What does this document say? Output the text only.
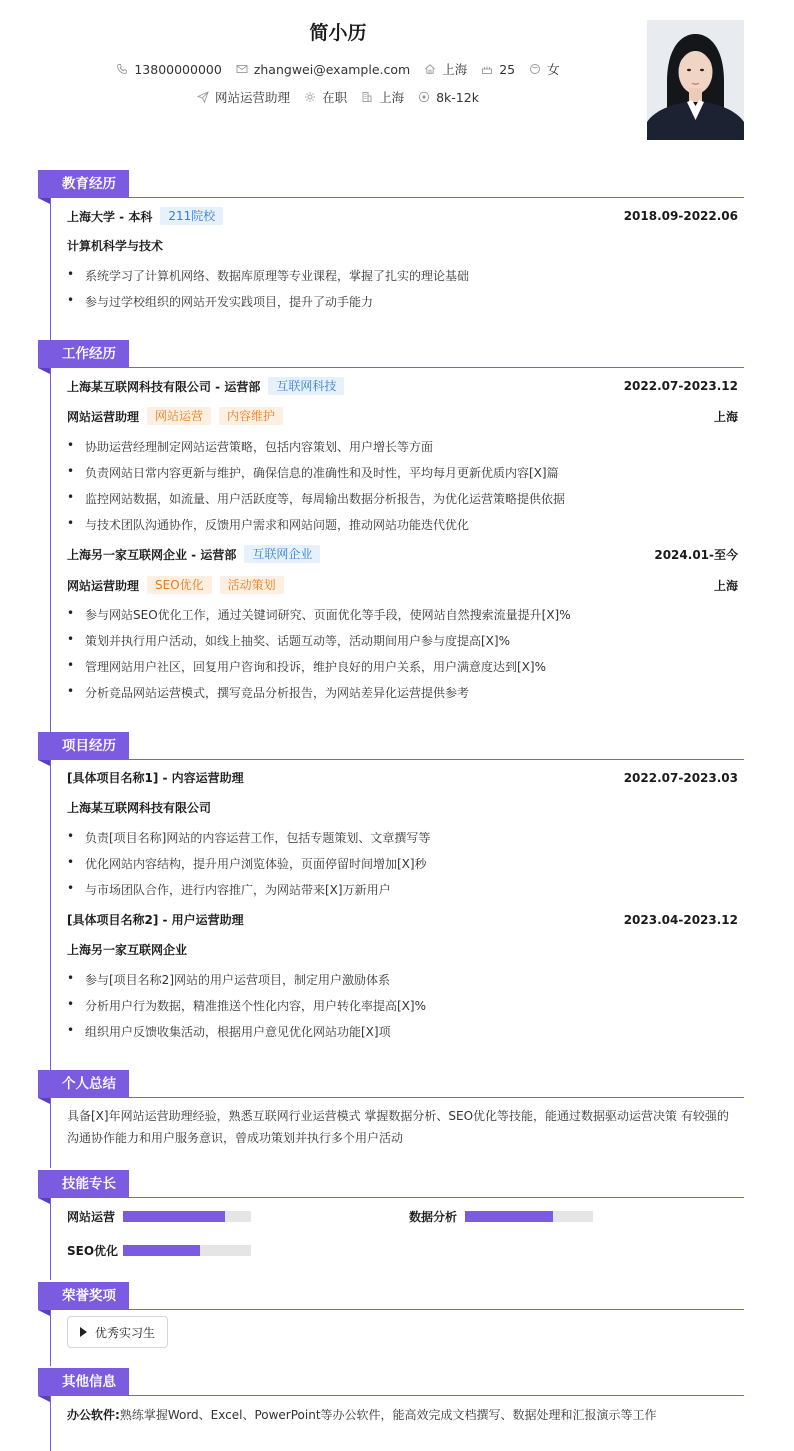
简小历
13800000000	zhangwei@example.com	上海	25	女
网站运营助理	在职	上海	8k-12k
教育经历
上海大学 - 本科	211院校	2018.09-2022.06
计算机科学与技术
• 系统学习了计算机网络、数据库原理等专业课程，掌握了扎实的理论基础
• 参与过学校组织的网站开发实践项目，提升了动手能力
工作经历
上海某互联网科技有限公司 - 运营部	互联网科技	2022.07-2023.12
网站运营助理	网站运营	内容维护	上海
• 协助运营经理制定网站运营策略，包括内容策划、用户增长等方面
• 负责网站日常内容更新与维护，确保信息的准确性和及时性，平均每月更新优质内容[X]篇
• 监控网站数据，如流量、用户活跃度等，每周输出数据分析报告，为优化运营策略提供依据
• 与技术团队沟通协作，反馈用户需求和网站问题，推动网站功能迭代优化
上海另一家互联网企业 - 运营部	互联网企业	2024.01-至今
网站运营助理	SEO优化	活动策划	上海
• 参与网站SEO优化工作，通过关键词研究、页面优化等手段，使网站自然搜索流量提升[X]%
• 策划并执行用户活动，如线上抽奖、话题互动等，活动期间用户参与度提高[X]%
• 管理网站用户社区，回复用户咨询和投诉，维护良好的用户关系，用户满意度达到[X]%
• 分析竞品网站运营模式，撰写竞品分析报告，为网站差异化运营提供参考
项目经历
[具体项目名称1] - 内容运营助理	2022.07-2023.03
上海某互联网科技有限公司
• 负责[项目名称]网站的内容运营工作，包括专题策划、文章撰写等
• 优化网站内容结构，提升用户浏览体验，页面停留时间增加[X]秒
• 与市场团队合作，进行内容推广，为网站带来[X]万新用户
[具体项目名称2] - 用户运营助理	2023.04-2023.12
上海另一家互联网企业
• 参与[项目名称2]网站的用户运营项目，制定用户激励体系
• 分析用户行为数据，精准推送个性化内容，用户转化率提高[X]%
• 组织用户反馈收集活动，根据用户意见优化网站功能[X]项
个人总结
具备[X]年网站运营助理经验，熟悉互联网行业运营模式 掌握数据分析、SEO优化等技能，能通过数据驱动运营决策 有较强的沟通协作能力和用户服务意识，曾成功策划并执行多个用户活动
技能专长
网站运营	数据分析
SEO优化
荣誉奖项
优秀实习生
其他信息
办公软件: 熟练掌握Word、Excel、PowerPoint等办公软件，能高效完成文档撰写、数据处理和汇报演示等工作
